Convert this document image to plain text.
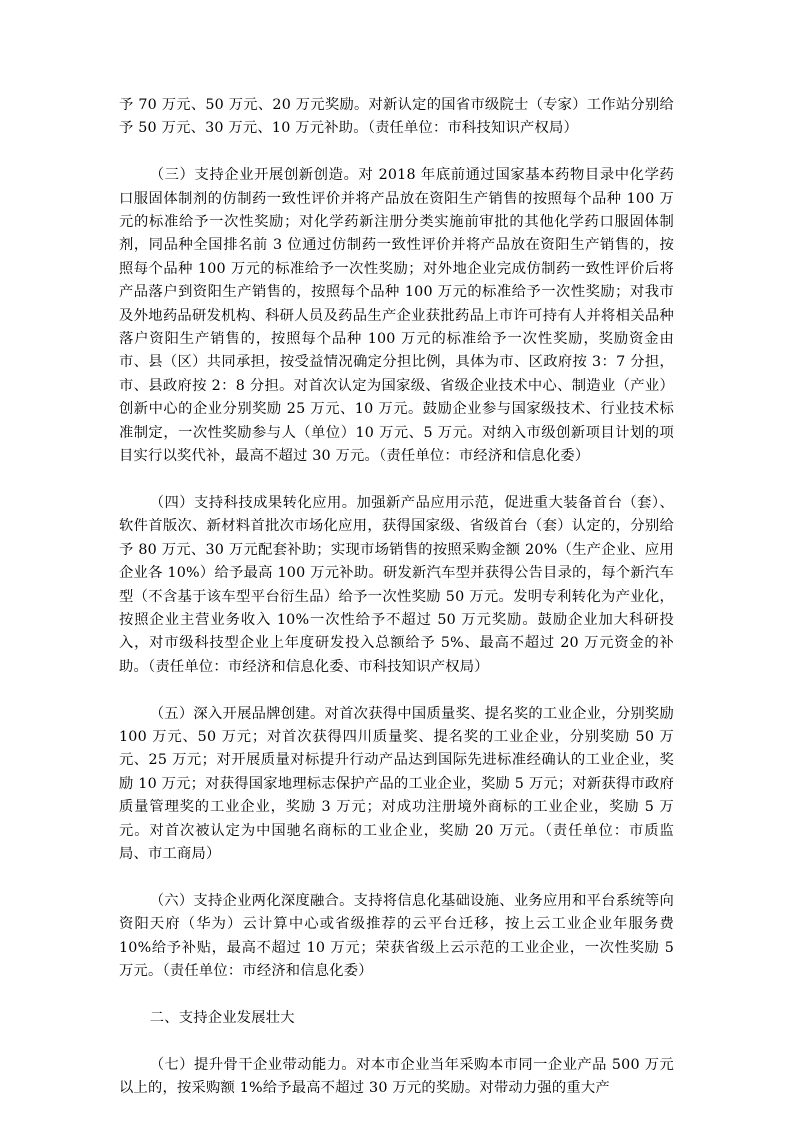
予 70 万元、50 万元、20 万元奖励。对新认定的国省市级院士（专家）工作站分别给予 50 万元、30 万元、10 万元补助。（责任单位：市科技知识产权局）

（三）支持企业开展创新创造。对 2018 年底前通过国家基本药物目录中化学药口服固体制剂的仿制药一致性评价并将产品放在资阳生产销售的按照每个品种 100 万元的标准给予一次性奖励；对化学药新注册分类实施前审批的其他化学药口服固体制剂，同品种全国排名前 3 位通过仿制药一致性评价并将产品放在资阳生产销售的，按照每个品种 100 万元的标准给予一次性奖励；对外地企业完成仿制药一致性评价后将产品落户到资阳生产销售的，按照每个品种 100 万元的标准给予一次性奖励；对我市及外地药品研发机构、科研人员及药品生产企业获批药品上市许可持有人并将相关品种落户资阳生产销售的，按照每个品种 100 万元的标准给予一次性奖励，奖励资金由市、县（区）共同承担，按受益情况确定分担比例，具体为市、区政府按 3：7 分担，市、县政府按 2：8 分担。对首次认定为国家级、省级企业技术中心、制造业（产业）创新中心的企业分别奖励 25 万元、10 万元。鼓励企业参与国家级技术、行业技术标准制定，一次性奖励参与人（单位）10 万元、5 万元。对纳入市级创新项目计划的项目实行以奖代补，最高不超过 30 万元。（责任单位：市经济和信息化委）

（四）支持科技成果转化应用。加强新产品应用示范，促进重大装备首台（套）、软件首版次、新材料首批次市场化应用，获得国家级、省级首台（套）认定的，分别给予 80 万元、30 万元配套补助；实现市场销售的按照采购金额 20%（生产企业、应用企业各 10%）给予最高 100 万元补助。研发新汽车型并获得公告目录的，每个新汽车型（不含基于该车型平台衍生品）给予一次性奖励 50 万元。发明专利转化为产业化，按照企业主营业务收入 10%一次性给予不超过 50 万元奖励。鼓励企业加大科研投入，对市级科技型企业上年度研发投入总额给予 5%、最高不超过 20 万元资金的补助。（责任单位：市经济和信息化委、市科技知识产权局）

（五）深入开展品牌创建。对首次获得中国质量奖、提名奖的工业企业，分别奖励 100 万元、50 万元；对首次获得四川质量奖、提名奖的工业企业，分别奖励 50 万元、25 万元；对开展质量对标提升行动产品达到国际先进标准经确认的工业企业，奖励 10 万元；对获得国家地理标志保护产品的工业企业，奖励 5 万元；对新获得市政府质量管理奖的工业企业，奖励 3 万元；对成功注册境外商标的工业企业，奖励 5 万元。对首次被认定为中国驰名商标的工业企业，奖励 20 万元。（责任单位：市质监局、市工商局）

（六）支持企业两化深度融合。支持将信息化基础设施、业务应用和平台系统等向资阳天府（华为）云计算中心或省级推荐的云平台迁移，按上云工业企业年服务费 10%给予补贴，最高不超过 10 万元；荣获省级上云示范的工业企业，一次性奖励 5 万元。（责任单位：市经济和信息化委）

二、支持企业发展壮大

（七）提升骨干企业带动能力。对本市企业当年采购本市同一企业产品 500 万元以上的，按采购额 1%给予最高不超过 30 万元的奖励。对带动力强的重大产
